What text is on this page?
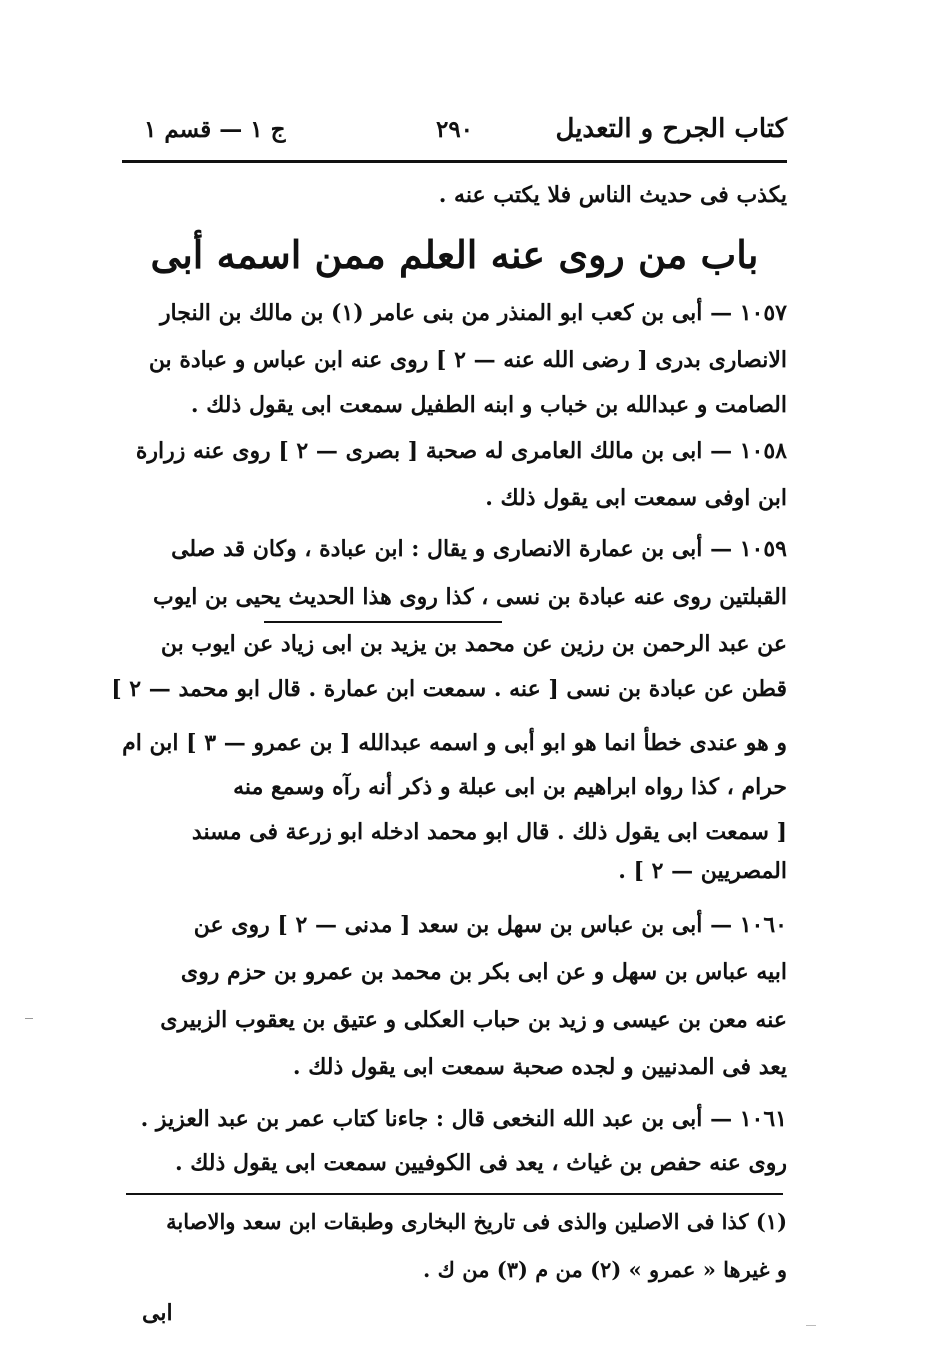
كتاب الجرح و التعديل
٢٩٠
ج ١ — قسم ١
يكذب فى حديث الناس فلا يكتب عنه .
باب من روى عنه العلم ممن اسمه أبى
١٠٥٧ — أبى بن كعب ابو المنذر من بنى عامر (١) بن مالك بن النجار
الانصارى بدرى [ رضى الله عنه — ٢ ] روى عنه ابن عباس و عبادة بن
الصامت و عبدالله بن خباب و ابنه الطفيل سمعت ابى يقول ذلك .
١٠٥٨ — ابى بن مالك العامرى له صحبة [ بصرى — ٢ ] روى عنه زرارة
ابن اوفى سمعت ابى يقول ذلك .
١٠٥٩ — أبى بن عمارة الانصارى و يقال : ابن عبادة ، وكان قد صلى
القبلتين روى عنه عبادة بن نسى ، كذا روى هذا الحديث يحيى بن ايوب
عن عبد الرحمن بن رزين عن محمد بن يزيد بن ابى زياد عن ايوب بن
قطن عن عبادة بن نسى [ عنه . سمعت ابن عمارة . قال ابو محمد — ٢ ]
و هو عندى خطأ انما هو ابو أبى و اسمه عبدالله [ بن عمرو — ٣ ] ابن ام
حرام ، كذا رواه ابراهيم بن ابى عبلة و ذكر أنه رآه وسمع منه
[ سمعت ابى يقول ذلك . قال ابو محمد ادخله ابو زرعة فى مسند
المصريين — ٢ ] .
١٠٦٠ — أبى بن عباس بن سهل بن سعد [ مدنى — ٢ ] روى عن
ابيه عباس بن سهل و عن ابى بكر بن محمد بن عمرو بن حزم روى
عنه معن بن عيسى و زيد بن حباب العكلى و عتيق بن يعقوب الزبيرى
يعد فى المدنيين و لجده صحبة سمعت ابى يقول ذلك .
١٠٦١ — أبى بن عبد الله النخعى قال : جاءنا كتاب عمر بن عبد العزيز .
روى عنه حفص بن غياث ، يعد فى الكوفيين سمعت ابى يقول ذلك .
(١) كذا فى الاصلين والذى فى تاريخ البخارى وطبقات ابن سعد والاصابة
و غيرها « عمرو » (٢) من م (٣) من ك .
ابى
